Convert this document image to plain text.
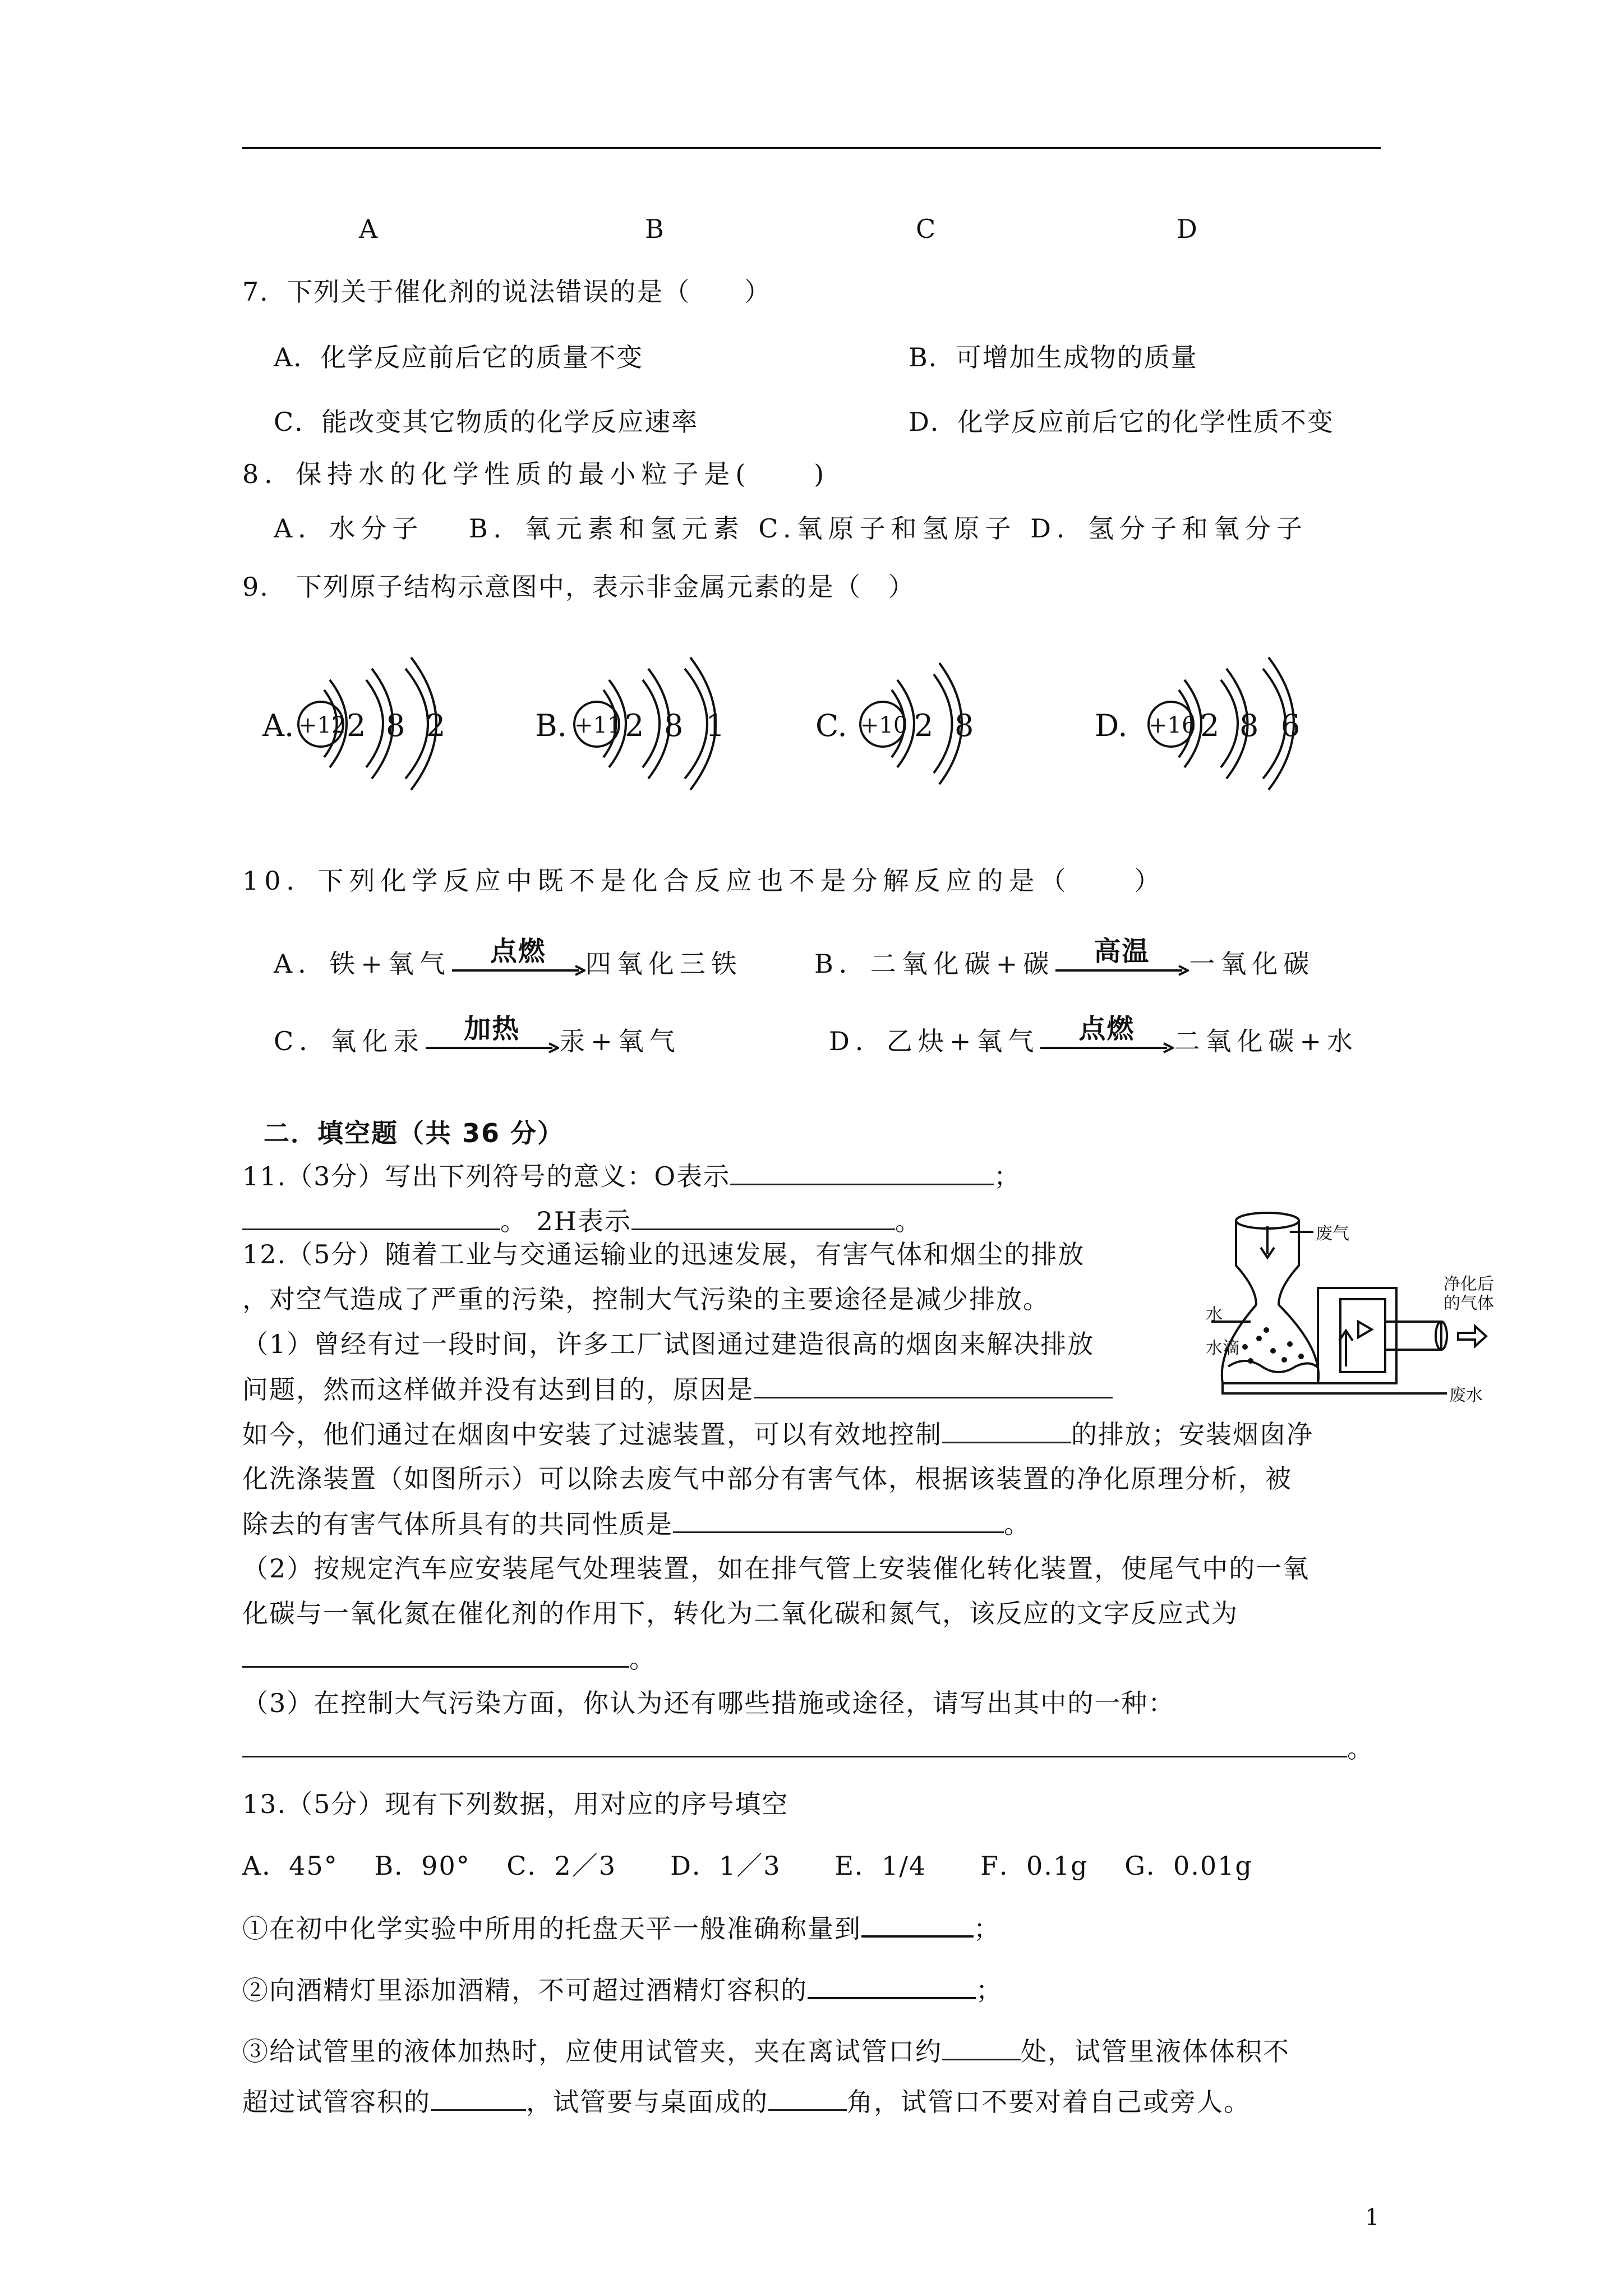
A	B	C	D
7．下列关于催化剂的说法错误的是（　　）
A．化学反应前后它的质量不变	B．可增加生成物的质量
C．能改变其它物质的化学反应速率	D．化学反应前后它的化学性质不变
8．保持水的化学性质的最小粒子是(　　)
A．水分子　 B．氧元素和氢元素 C.氧原子和氢原子 D．氢分子和氧分子
9.　下列原子结构示意图中，表示非金属元素的是（　）
A. +12 2 8 2	B. +11 2 8 1	C. +10 2 8	D. +16 2 8 6
10．下列化学反应中既不是化合反应也不是分解反应的是（　　）
A．铁+氧气	点燃	四氧化三铁	B．二氧化碳+碳	高温	一氧化碳
C．氧化汞	加热	汞+氧气	D．乙炔+氧气	点燃	二氧化碳+水
二．填空题（共 36 分）
11.（3分）写出下列符号的意义：O表示	；
。 2H表示	。
12.（5分）随着工业与交通运输业的迅速发展，有害气体和烟尘的排放
，对空气造成了严重的污染，控制大气污染的主要途径是减少排放。
（1）曾经有过一段时间，许多工厂试图通过建造很高的烟囱来解决排放
问题，然而这样做并没有达到目的，原因是
如今，他们通过在烟囱中安装了过滤装置，可以有效地控制	的排放；安装烟囱净
化洗涤装置（如图所示）可以除去废气中部分有害气体，根据该装置的净化原理分析，被
除去的有害气体所具有的共同性质是	。
（2）按规定汽车应安装尾气处理装置，如在排气管上安装催化转化装置，使尾气中的一氧
化碳与一氧化氮在催化剂的作用下，转化为二氧化碳和氮气，该反应的文字反应式为
。
（3）在控制大气污染方面，你认为还有哪些措施或途径，请写出其中的一种：
。
废气
净化后
的气体
水
水滴
废水
13.（5分）现有下列数据，用对应的序号填空
A．45°　 B．90°　 C．2／3　　D．1／3　　E．1/4　　F．0.1g　 G．0.01g
①在初中化学实验中所用的托盘天平一般准确称量到	；
②向酒精灯里添加酒精，不可超过酒精灯容积的	；
③给试管里的液体加热时，应使用试管夹，夹在离试管口约	处，试管里液体体积不
超过试管容积的	，试管要与桌面成的	角，试管口不要对着自己或旁人。
1
